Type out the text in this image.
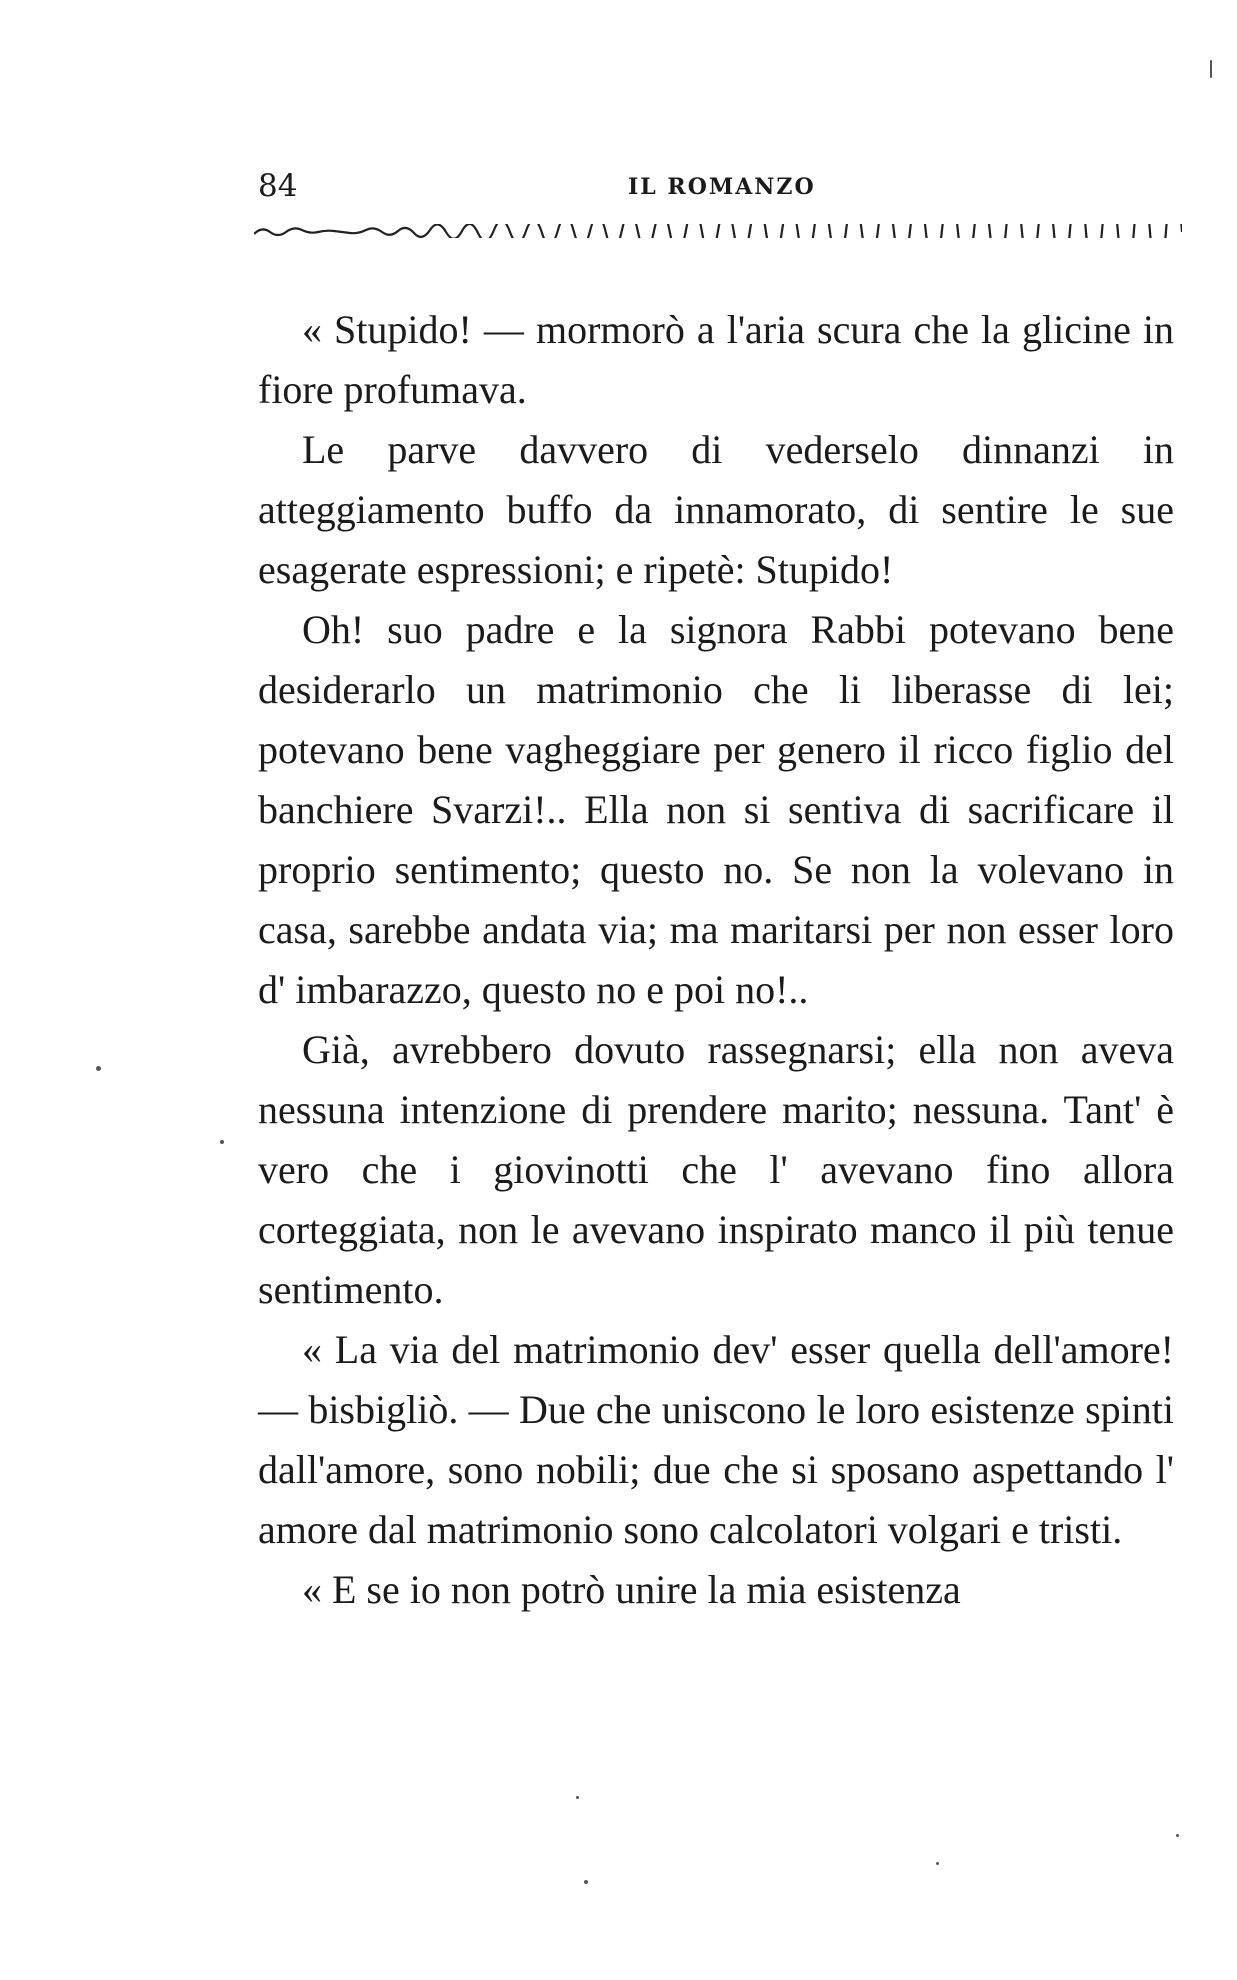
84	IL ROMANZO

« Stupido! — mormorò a l'aria scura che la glicine in fiore profumava.

Le parve davvero di vederselo dinnanzi in atteggiamento buffo da innamorato, di sentire le sue esagerate espressioni; e ripetè: Stupido!

Oh! suo padre e la signora Rabbi potevano bene desiderarlo un matrimonio che li liberasse di lei; potevano bene vagheggiare per genero il ricco figlio del banchiere Svarzi!.. Ella non si sentiva di sacrificare il proprio sentimento; questo no. Se non la volevano in casa, sarebbe andata via; ma maritarsi per non esser loro d' imbarazzo, questo no e poi no!..

Già, avrebbero dovuto rassegnarsi; ella non aveva nessuna intenzione di prendere marito; nessuna. Tant' è vero che i giovinotti che l' avevano fino allora corteggiata, non le avevano inspirato manco il più tenue sentimento.

« La via del matrimonio dev' esser quella dell'amore! — bisbigliò. — Due che uniscono le loro esistenze spinti dall'amore, sono nobili; due che si sposano aspettando l' amore dal matrimonio sono calcolatori volgari e tristi.

« E se io non potrò unire la mia esistenza
